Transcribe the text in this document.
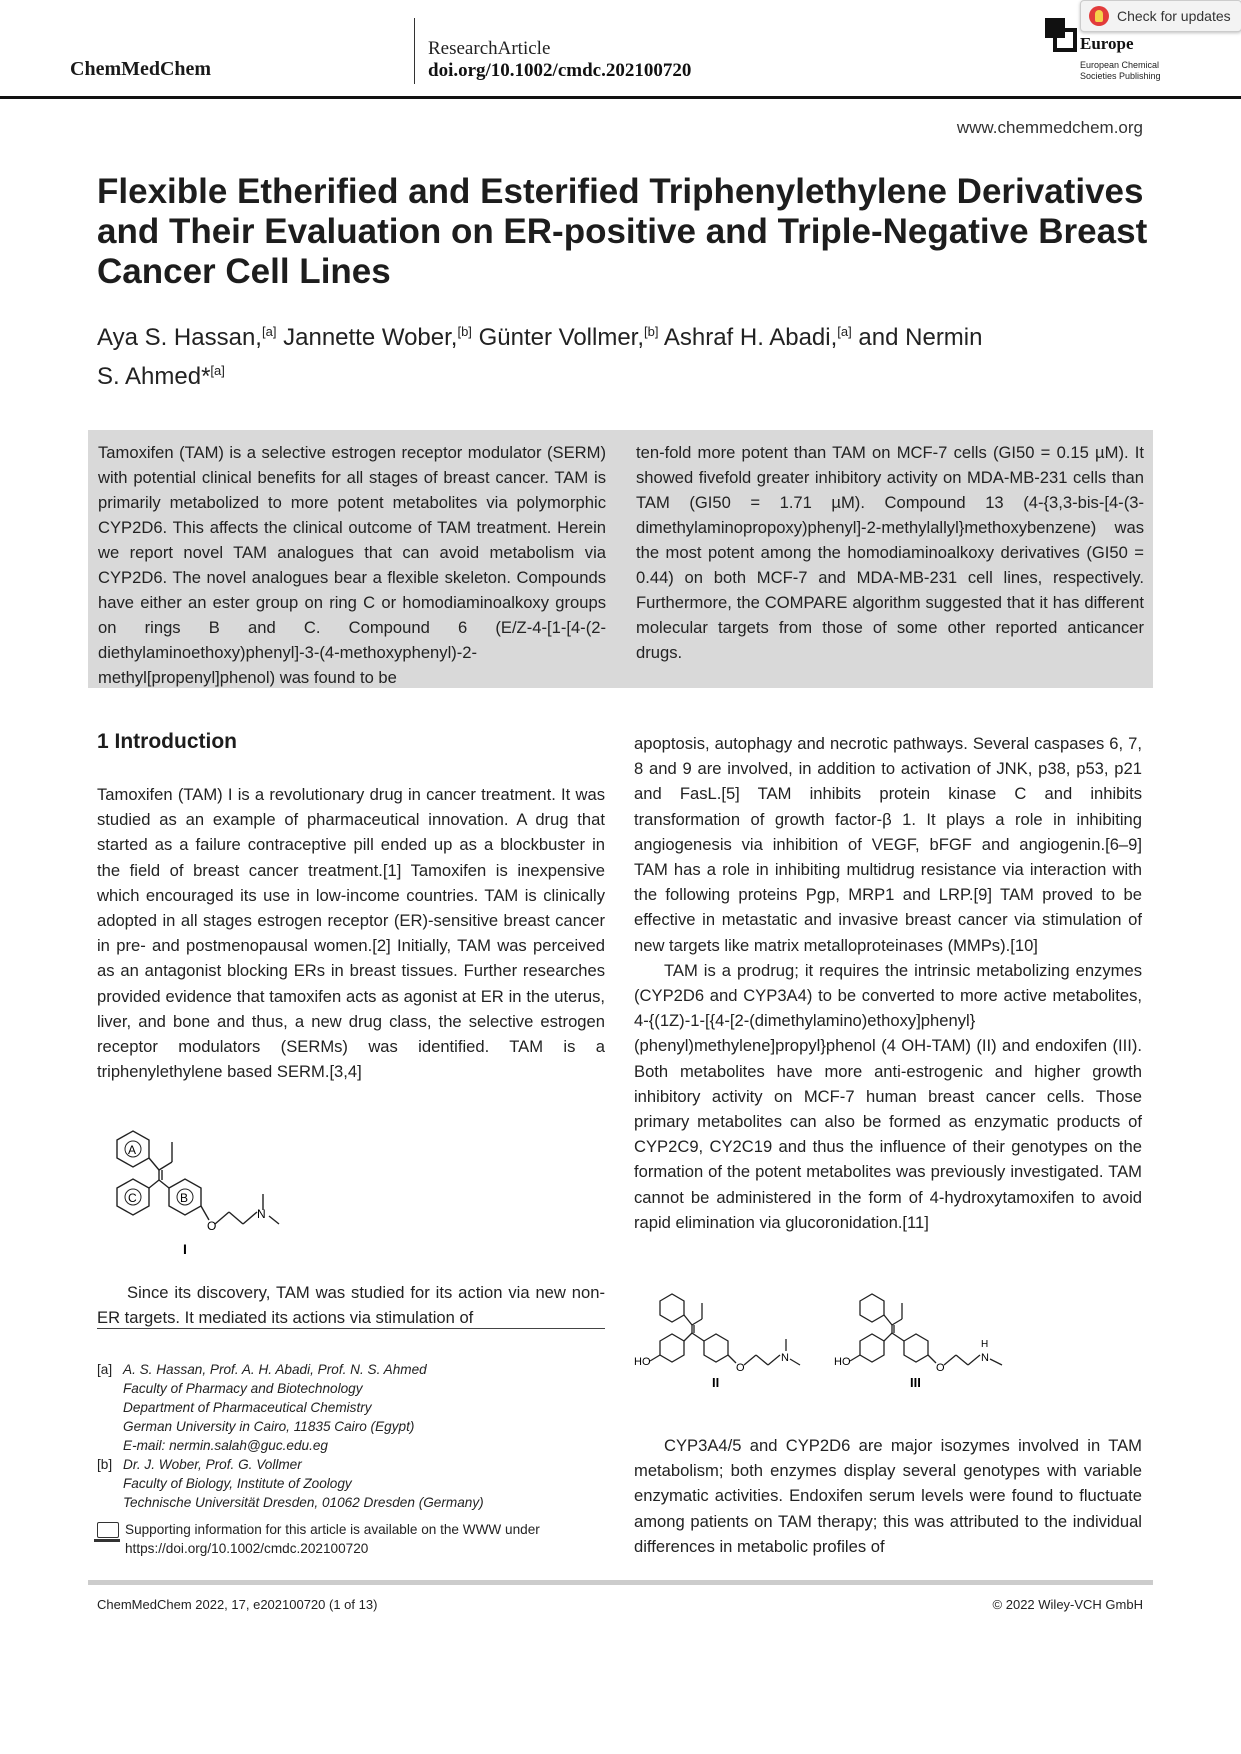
ChemMedChem
ResearchArticle
doi.org/10.1002/cmdc.202100720
Europe
European Chemical
Societies Publishing
Check for updates
www.chemmedchem.org
Flexible Etherified and Esterified Triphenylethylene Derivatives and Their Evaluation on ER-positive and Triple-Negative Breast Cancer Cell Lines
Aya S. Hassan,[a] Jannette Wober,[b] Günter Vollmer,[b] Ashraf H. Abadi,[a] and Nermin S. Ahmed*[a]
Tamoxifen (TAM) is a selective estrogen receptor modulator (SERM) with potential clinical benefits for all stages of breast cancer. TAM is primarily metabolized to more potent metabolites via polymorphic CYP2D6. This affects the clinical outcome of TAM treatment. Herein we report novel TAM analogues that can avoid metabolism via CYP2D6. The novel analogues bear a flexible skeleton. Compounds have either an ester group on ring C or homodiaminoalkoxy groups on rings B and C. Compound 6 (E/Z-4-[1-[4-(2-diethylaminoethoxy)phenyl]-3-(4-methoxyphenyl)-2-methyl[propenyl]phenol) was found to be
ten-fold more potent than TAM on MCF-7 cells (GI50 = 0.15 µM). It showed fivefold greater inhibitory activity on MDA-MB-231 cells than TAM (GI50 = 1.71 µM). Compound 13 (4-{3,3-bis-[4-(3-dimethylaminopropoxy)phenyl]-2-methylallyl}methoxybenzene) was the most potent among the homodiaminoalkoxy derivatives (GI50 = 0.44) on both MCF-7 and MDA-MB-231 cell lines, respectively. Furthermore, the COMPARE algorithm suggested that it has different molecular targets from those of some other reported anticancer drugs.
1 Introduction
Tamoxifen (TAM) I is a revolutionary drug in cancer treatment. It was studied as an example of pharmaceutical innovation. A drug that started as a failure contraceptive pill ended up as a blockbuster in the field of breast cancer treatment.[1] Tamoxifen is inexpensive which encouraged its use in low-income countries. TAM is clinically adopted in all stages estrogen receptor (ER)-sensitive breast cancer in pre- and postmenopausal women.[2] Initially, TAM was perceived as an antagonist blocking ERs in breast tissues. Further researches provided evidence that tamoxifen acts as agonist at ER in the uterus, liver, and bone and thus, a new drug class, the selective estrogen receptor modulators (SERMs) was identified. TAM is a triphenylethylene based SERM.[3,4]
A
C	B
O
N
I
Since its discovery, TAM was studied for its action via new non-ER targets. It mediated its actions via stimulation of
[a] A. S. Hassan, Prof. A. H. Abadi, Prof. N. S. Ahmed
Faculty of Pharmacy and Biotechnology
Department of Pharmaceutical Chemistry
German University in Cairo, 11835 Cairo (Egypt)
E-mail: nermin.salah@guc.edu.eg
[b] Dr. J. Wober, Prof. G. Vollmer
Faculty of Biology, Institute of Zoology
Technische Universität Dresden, 01062 Dresden (Germany)
Supporting information for this article is available on the WWW under https://doi.org/10.1002/cmdc.202100720
apoptosis, autophagy and necrotic pathways. Several caspases 6, 7, 8 and 9 are involved, in addition to activation of JNK, p38, p53, p21 and FasL.[5] TAM inhibits protein kinase C and inhibits transformation of growth factor-β 1. It plays a role in inhibiting angiogenesis via inhibition of VEGF, bFGF and angiogenin.[6–9] TAM has a role in inhibiting multidrug resistance via interaction with the following proteins Pgp, MRP1 and LRP.[9] TAM proved to be effective in metastatic and invasive breast cancer via stimulation of new targets like matrix metalloproteinases (MMPs).[10]
TAM is a prodrug; it requires the intrinsic metabolizing enzymes (CYP2D6 and CYP3A4) to be converted to more active metabolites, 4-{(1Z)-1-[{4-[2-(dimethylamino)ethoxy]phenyl}(phenyl)methylene]propyl}phenol (4 OH-TAM) (II) and endoxifen (III). Both metabolites have more anti-estrogenic and higher growth inhibitory activity on MCF-7 human breast cancer cells. Those primary metabolites can also be formed as enzymatic products of CYP2C9, CY2C19 and thus the influence of their genotypes on the formation of the potent metabolites was previously investigated. TAM cannot be administered in the form of 4-hydroxytamoxifen to avoid rapid elimination via glucoronidation.[11]
HO	O
N
II
HO	O
H
N
III
CYP3A4/5 and CYP2D6 are major isozymes involved in TAM metabolism; both enzymes display several genotypes with variable enzymatic activities. Endoxifen serum levels were found to fluctuate among patients on TAM therapy; this was attributed to the individual differences in metabolic profiles of
ChemMedChem 2022, 17, e202100720 (1 of 13)	© 2022 Wiley-VCH GmbH
